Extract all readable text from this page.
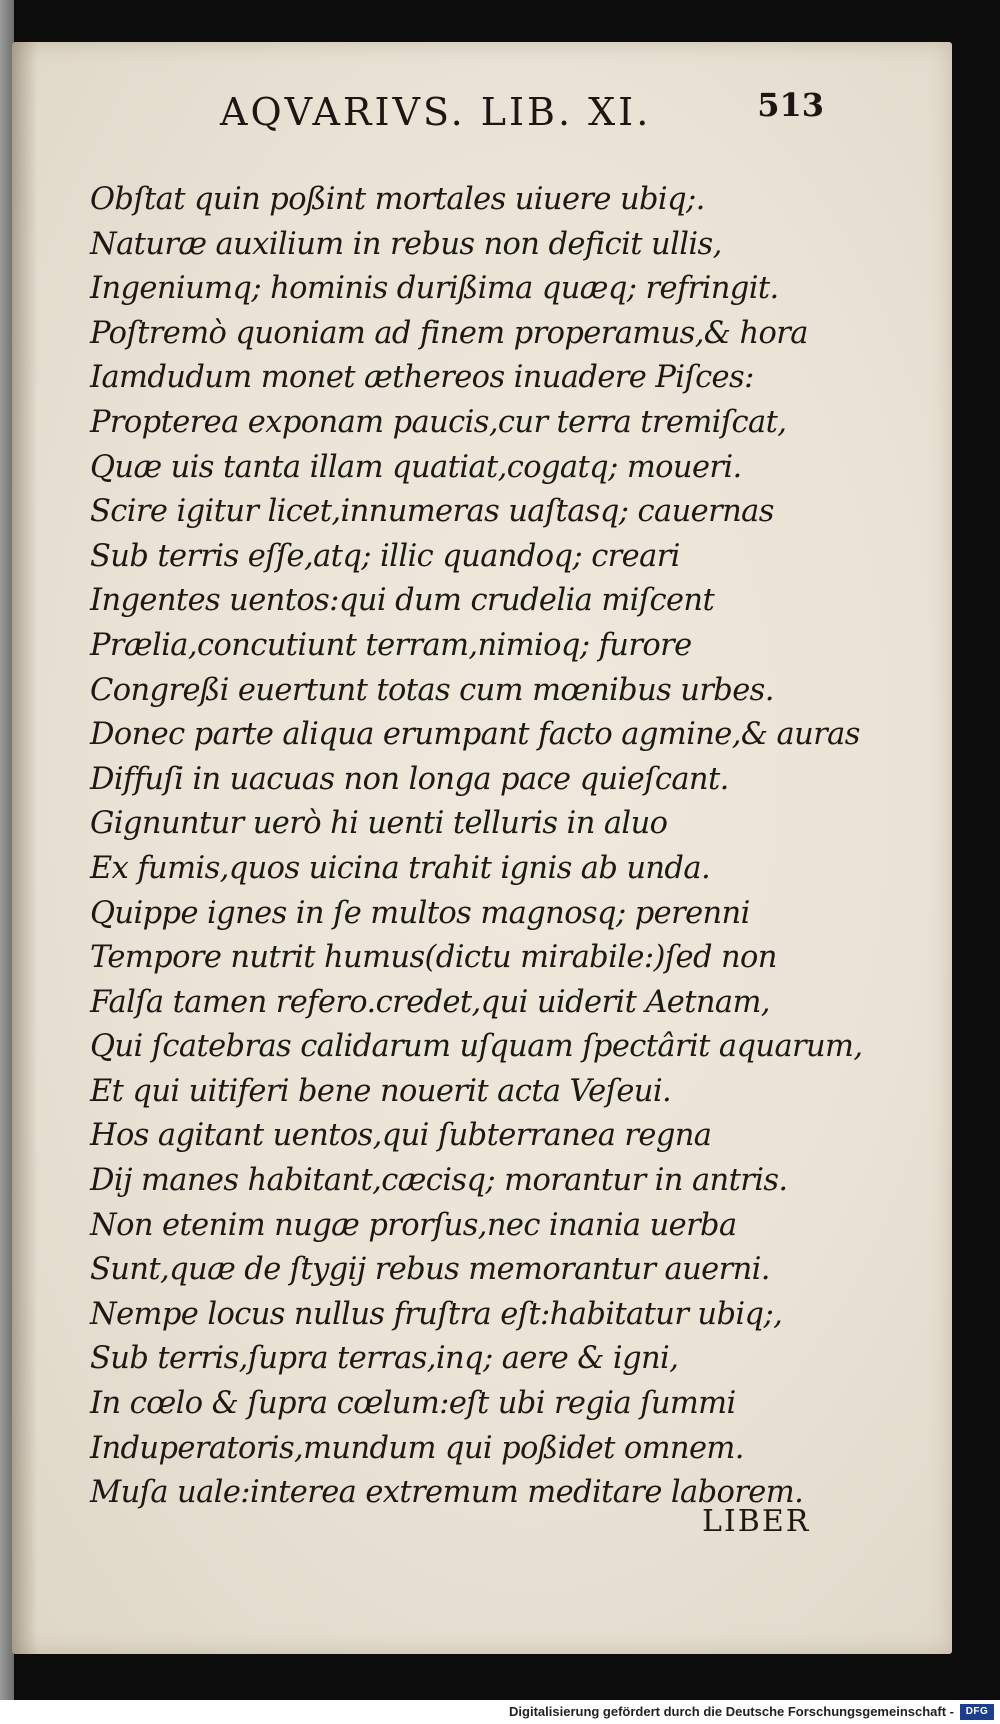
AQVARIVS. LIB. XI.	513
Obſtat quin poßint mortales uiuere ubiq;.
Naturæ auxilium in rebus non deficit ullis,
Ingeniumq; hominis durißima quæq; refringit.
Poſtremò quoniam ad finem properamus,& hora
Iamdudum monet æthereos inuadere Piſces:
Propterea exponam paucis,cur terra tremiſcat,
Quæ uis tanta illam quatiat,cogatq; moueri.
Scire igitur licet,innumeras uaſtasq; cauernas
Sub terris eſſe,atq; illic quandoq; creari
Ingentes uentos:qui dum crudelia miſcent
Prælia,concutiunt terram,nimioq; furore
Congreßi euertunt totas cum mœnibus urbes.
Donec parte aliqua erumpant facto agmine,& auras
Diffuſi in uacuas non longa pace quieſcant.
Gignuntur uerò hi uenti telluris in aluo
Ex fumis,quos uicina trahit ignis ab unda.
Quippe ignes in ſe multos magnosq; perenni
Tempore nutrit humus(dictu mirabile:)ſed non
Falſa tamen refero.credet,qui uiderit Aetnam,
Qui ſcatebras calidarum uſquam ſpectârit aquarum,
Et qui uitiferi bene nouerit acta Veſeui.
Hos agitant uentos,qui ſubterranea regna
Dij manes habitant,cæcisq; morantur in antris.
Non etenim nugæ prorſus,nec inania uerba
Sunt,quæ de ſtygij rebus memorantur auerni.
Nempe locus nullus fruſtra eſt:habitatur ubiq;,
Sub terris,ſupra terras,inq; aere & igni,
In cœlo & ſupra cœlum:eſt ubi regia ſummi
Induperatoris,mundum qui poßidet omnem.
Muſa uale:interea extremum meditare laborem.
LIBER
Digitalisierung gefördert durch die Deutsche Forschungsgemeinschaft -	DFG
